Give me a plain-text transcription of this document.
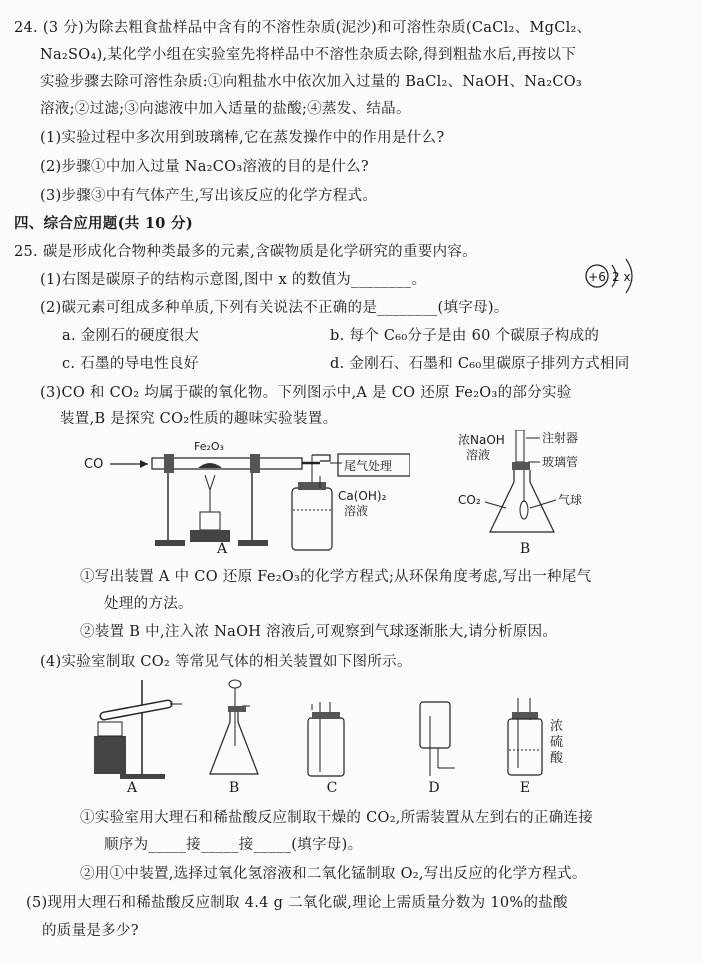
24. (3 分)为除去粗食盐样品中含有的不溶性杂质(泥沙)和可溶性杂质(CaCl₂、MgCl₂、
Na₂SO₄),某化学小组在实验室先将样品中不溶性杂质去除,得到粗盐水后,再按以下
实验步骤去除可溶性杂质:①向粗盐水中依次加入过量的 BaCl₂、NaOH、Na₂CO₃
溶液;②过滤;③向滤液中加入适量的盐酸;④蒸发、结晶。
(1)实验过程中多次用到玻璃棒,它在蒸发操作中的作用是什么?
(2)步骤①中加入过量 Na₂CO₃溶液的目的是什么?
(3)步骤③中有气体产生,写出该反应的化学方程式。
四、综合应用题(共 10 分)
25. 碳是形成化合物种类最多的元素,含碳物质是化学研究的重要内容。
(1)右图是碳原子的结构示意图,图中 x 的数值为________。	+6 2 x
(2)碳元素可组成多种单质,下列有关说法不正确的是________(填字母)。
a. 金刚石的硬度很大	b. 每个 C₆₀分子是由 60 个碳原子构成的
c. 石墨的导电性良好	d. 金刚石、石墨和 C₆₀里碳原子排列方式相同
(3)CO 和 CO₂ 均属于碳的氧化物。下列图示中,A 是 CO 还原 Fe₂O₃的部分实验
装置,B 是探究 CO₂性质的趣味实验装置。
CO
Fe₂O₃
尾气处理
Ca(OH)₂
溶液
A
浓NaOH
溶液
注射器
玻璃管
CO₂	气球
B
①写出装置 A 中 CO 还原 Fe₂O₃的化学方程式;从环保角度考虑,写出一种尾气
处理的方法。
②装置 B 中,注入浓 NaOH 溶液后,可观察到气球逐渐胀大,请分析原因。
(4)实验室制取 CO₂ 等常见气体的相关装置如下图所示。
浓
硫
酸
A	B	C	D	E
①实验室用大理石和稀盐酸反应制取干燥的 CO₂,所需装置从左到右的正确连接
顺序为_____接_____接_____(填字母)。
②用①中装置,选择过氧化氢溶液和二氧化锰制取 O₂,写出反应的化学方程式。
(5)现用大理石和稀盐酸反应制取 4.4 g 二氧化碳,理论上需质量分数为 10%的盐酸
的质量是多少?
